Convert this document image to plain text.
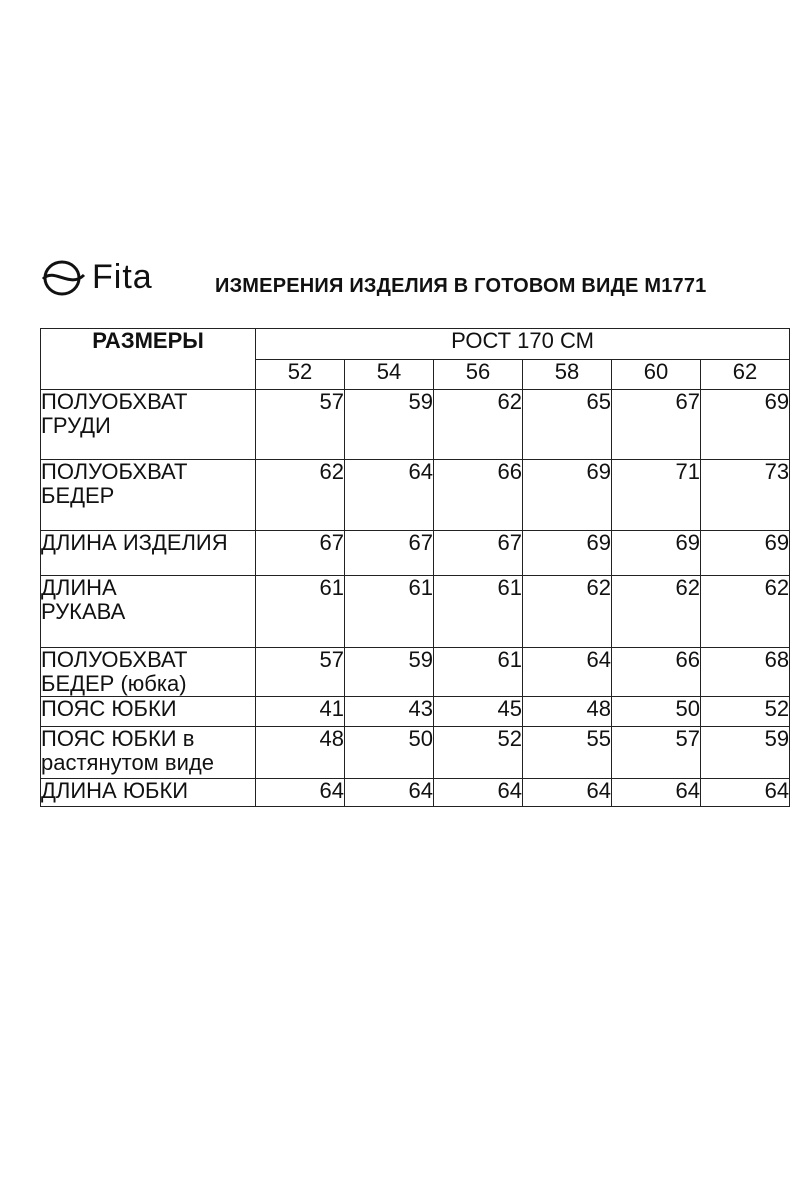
Fita	ИЗМЕРЕНИЯ ИЗДЕЛИЯ В ГОТОВОМ ВИДЕ М1771
РАЗМЕРЫ	РОСТ 170 СМ					
	52	54	56	58	60	62

ПОЛУОБХВАТ
ГРУДИ	57	59	62	65	67	69

ПОЛУОБХВАТ
БЕДЕР	62	64	66	69	71	73

ДЛИНА ИЗДЕЛИЯ	67	67	67	69	69	69

ДЛИНА
РУКАВА	61	61	61	62	62	62

ПОЛУОБХВАТ
БЕДЕР (юбка)	57	59	61	64	66	68

ПОЯС ЮБКИ	41	43	45	48	50	52

ПОЯС ЮБКИ в
растянутом виде	48	50	52	55	57	59

ДЛИНА ЮБКИ	64	64	64	64	64	64
